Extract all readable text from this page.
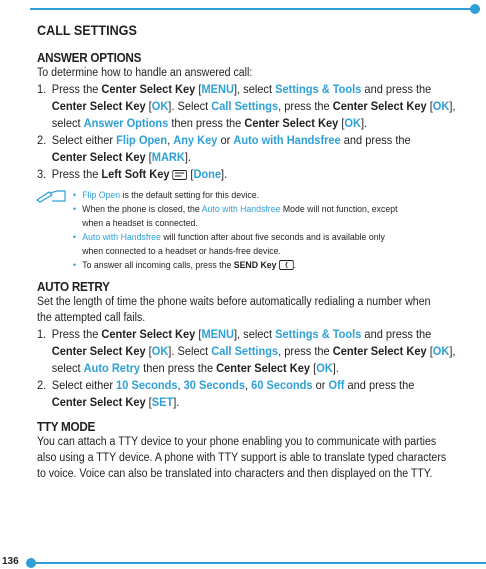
CALL SETTINGS
ANSWER OPTIONS

To determine how to handle an answered call:

1. Press the Center Select Key [MENU], select Settings & Tools and press the
Center Select Key [OK]. Select Call Settings, press the Center Select Key [OK],
select Answer Options then press the Center Select Key [OK].
2. Select either Flip Open, Any Key or Auto with Handsfree and press the
Center Select Key [MARK].
3. Press the Left Soft Key  [Done].
• Flip Open is the default setting for this device.
• When the phone is closed, the Auto with Handsfree Mode will not function, except
when a headset is connected.
• Auto with Handsfree will function after about five seconds and is available only
when connected to a headset or hands-free device.
• To answer all incoming calls, press the SEND Key .
AUTO RETRY

Set the length of time the phone waits before automatically redialing a number when

the attempted call fails.

1. Press the Center Select Key [MENU], select Settings & Tools and press the
Center Select Key [OK]. Select Call Settings, press the Center Select Key [OK],
select Auto Retry then press the Center Select Key [OK].
2. Select either 10 Seconds, 30 Seconds, 60 Seconds or Off and press the
Center Select Key [SET].
TTY MODE

You can attach a TTY device to your phone enabling you to communicate with parties

also using a TTY device. A phone with TTY support is able to translate typed characters

to voice. Voice can also be translated into characters and then displayed on the TTY.

136
